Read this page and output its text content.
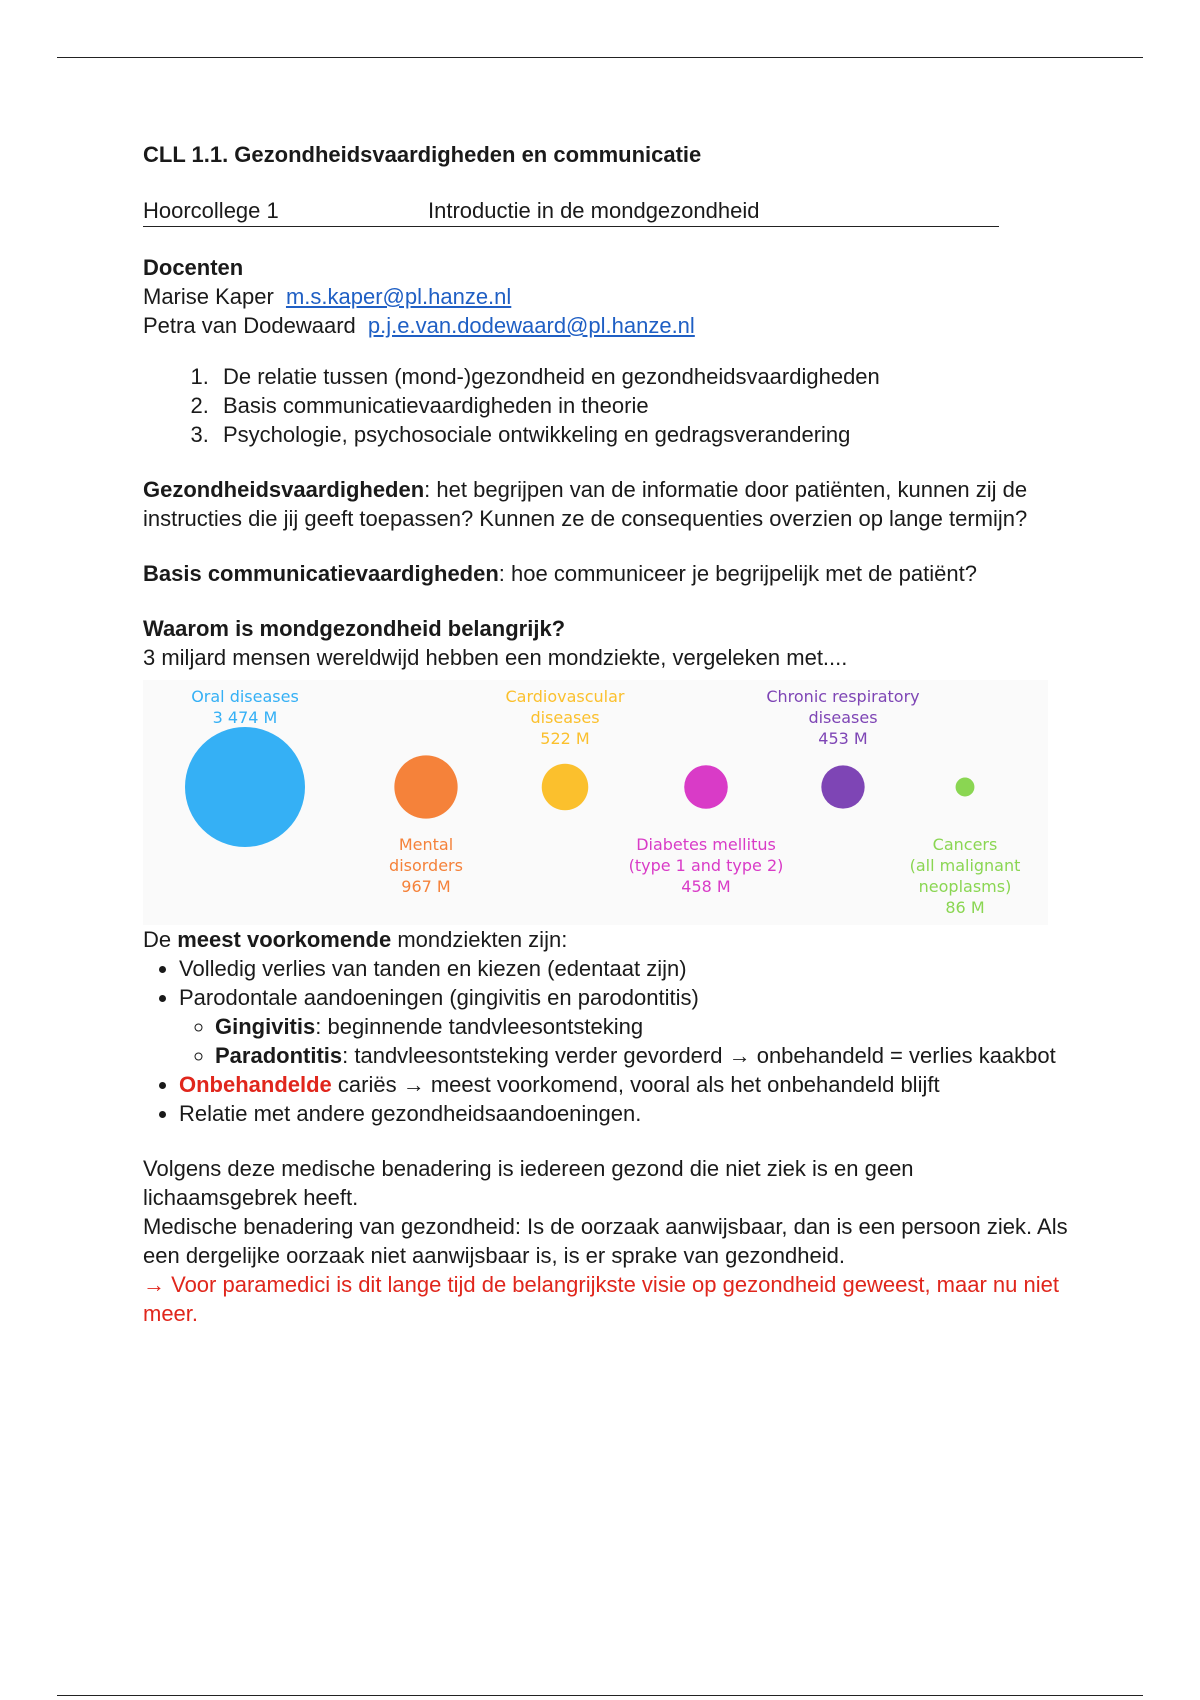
CLL 1.1. Gezondheidsvaardigheden en communicatie

Hoorcollege 1	Introductie in de mondgezondheid
Docenten
Marise Kaper m.s.kaper@pl.hanze.nl
Petra van Dodewaard p.j.e.van.dodewaard@pl.hanze.nl
1. De relatie tussen (mond-)gezondheid en gezondheidsvaardigheden
2. Basis communicatievaardigheden in theorie
3. Psychologie, psychosociale ontwikkeling en gedragsverandering

Gezondheidsvaardigheden: het begrijpen van de informatie door patiënten, kunnen zij de instructies die jij geeft toepassen? Kunnen ze de consequenties overzien op lange termijn?

Basis communicatievaardigheden: hoe communiceer je begrijpelijk met de patiënt?

Waarom is mondgezondheid belangrijk?
3 miljard mensen wereldwijd hebben een mondziekte, vergeleken met....
Oral diseases
3 474 M
Mental
disorders
967 M
Cardiovascular
diseases
522 M
Diabetes mellitus
(type 1 and type 2)
458 M
Chronic respiratory
diseases
453 M
Cancers
(all malignant
neoplasms)
86 M
De meest voorkomende mondziekten zijn:
• Volledig verlies van tanden en kiezen (edentaat zijn)
• Parodontale aandoeningen (gingivitis en parodontitis)
◦ Gingivitis: beginnende tandvleesontsteking
◦ Paradontitis: tandvleesontsteking verder gevorderd → onbehandeld = verlies kaakbot
• Onbehandelde cariës → meest voorkomend, vooral als het onbehandeld blijft
• Relatie met andere gezondheidsaandoeningen.
Volgens deze medische benadering is iedereen gezond die niet ziek is en geen lichaamsgebrek heeft.
Medische benadering van gezondheid: Is de oorzaak aanwijsbaar, dan is een persoon ziek. Als een dergelijke oorzaak niet aanwijsbaar is, is er sprake van gezondheid.
→ Voor paramedici is dit lange tijd de belangrijkste visie op gezondheid geweest, maar nu niet meer.
